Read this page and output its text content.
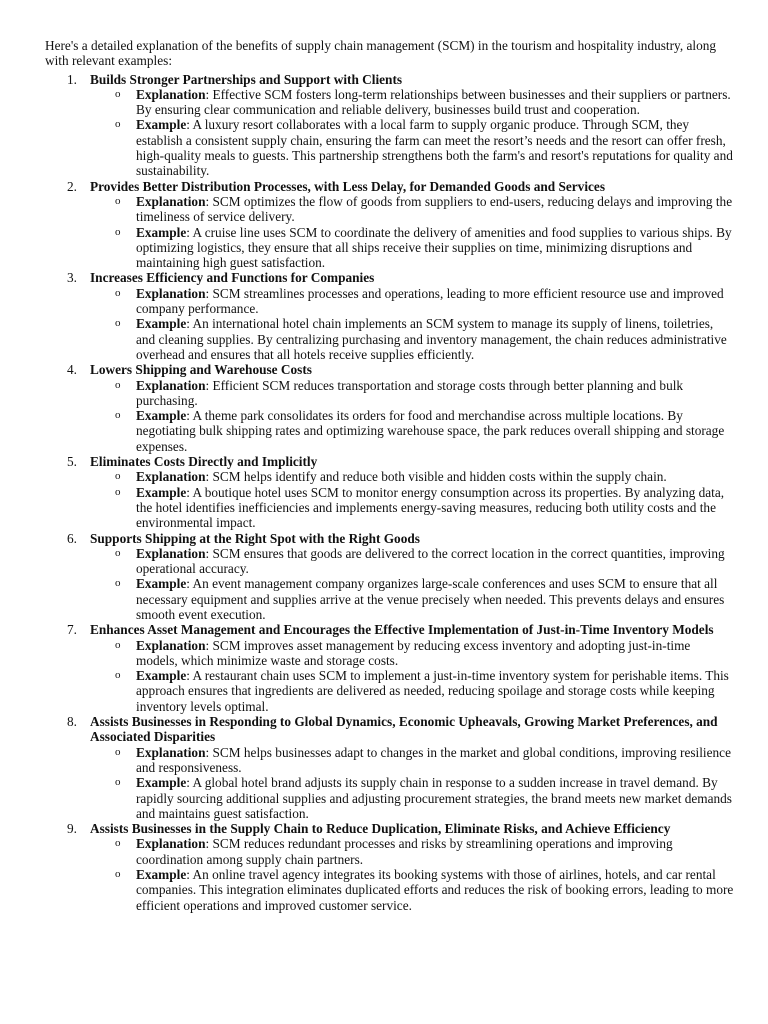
Here's a detailed explanation of the benefits of supply chain management (SCM) in the tourism and hospitality industry, along with relevant examples:

1. Builds Stronger Partnerships and Support with Clients
o Explanation: Effective SCM fosters long-term relationships between businesses and their suppliers or partners. By ensuring clear communication and reliable delivery, businesses build trust and cooperation.
o Example: A luxury resort collaborates with a local farm to supply organic produce. Through SCM, they establish a consistent supply chain, ensuring the farm can meet the resort’s needs and the resort can offer fresh, high-quality meals to guests. This partnership strengthens both the farm's and resort's reputations for quality and sustainability.
2. Provides Better Distribution Processes, with Less Delay, for Demanded Goods and Services
o Explanation: SCM optimizes the flow of goods from suppliers to end-users, reducing delays and improving the timeliness of service delivery.
o Example: A cruise line uses SCM to coordinate the delivery of amenities and food supplies to various ships. By optimizing logistics, they ensure that all ships receive their supplies on time, minimizing disruptions and maintaining high guest satisfaction.
3. Increases Efficiency and Functions for Companies
o Explanation: SCM streamlines processes and operations, leading to more efficient resource use and improved company performance.
o Example: An international hotel chain implements an SCM system to manage its supply of linens, toiletries, and cleaning supplies. By centralizing purchasing and inventory management, the chain reduces administrative overhead and ensures that all hotels receive supplies efficiently.
4. Lowers Shipping and Warehouse Costs
o Explanation: Efficient SCM reduces transportation and storage costs through better planning and bulk purchasing.
o Example: A theme park consolidates its orders for food and merchandise across multiple locations. By negotiating bulk shipping rates and optimizing warehouse space, the park reduces overall shipping and storage expenses.
5. Eliminates Costs Directly and Implicitly
o Explanation: SCM helps identify and reduce both visible and hidden costs within the supply chain.
o Example: A boutique hotel uses SCM to monitor energy consumption across its properties. By analyzing data, the hotel identifies inefficiencies and implements energy-saving measures, reducing both utility costs and the environmental impact.
6. Supports Shipping at the Right Spot with the Right Goods
o Explanation: SCM ensures that goods are delivered to the correct location in the correct quantities, improving operational accuracy.
o Example: An event management company organizes large-scale conferences and uses SCM to ensure that all necessary equipment and supplies arrive at the venue precisely when needed. This prevents delays and ensures smooth event execution.
7. Enhances Asset Management and Encourages the Effective Implementation of Just-in-Time Inventory Models
o Explanation: SCM improves asset management by reducing excess inventory and adopting just-in-time models, which minimize waste and storage costs.
o Example: A restaurant chain uses SCM to implement a just-in-time inventory system for perishable items. This approach ensures that ingredients are delivered as needed, reducing spoilage and storage costs while keeping inventory levels optimal.
8. Assists Businesses in Responding to Global Dynamics, Economic Upheavals, Growing Market Preferences, and Associated Disparities
o Explanation: SCM helps businesses adapt to changes in the market and global conditions, improving resilience and responsiveness.
o Example: A global hotel brand adjusts its supply chain in response to a sudden increase in travel demand. By rapidly sourcing additional supplies and adjusting procurement strategies, the brand meets new market demands and maintains guest satisfaction.
9. Assists Businesses in the Supply Chain to Reduce Duplication, Eliminate Risks, and Achieve Efficiency
o Explanation: SCM reduces redundant processes and risks by streamlining operations and improving coordination among supply chain partners.
o Example: An online travel agency integrates its booking systems with those of airlines, hotels, and car rental companies. This integration eliminates duplicated efforts and reduces the risk of booking errors, leading to more efficient operations and improved customer service.
